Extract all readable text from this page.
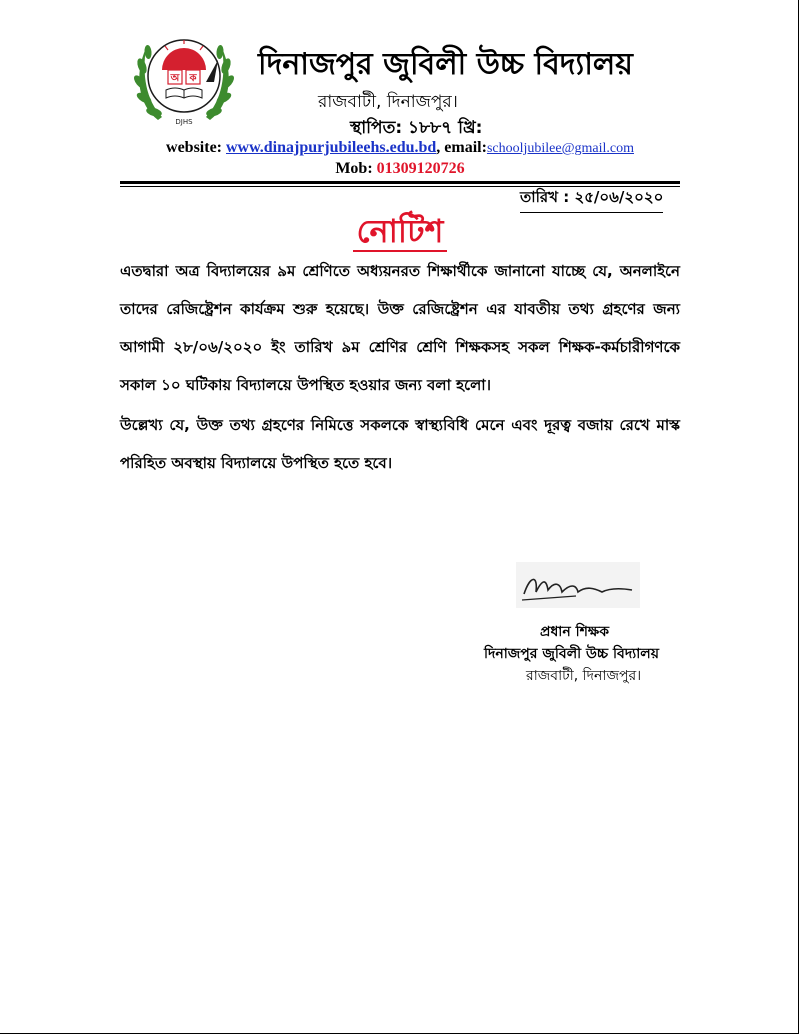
অ ক
DJHS
দিনাজপুর জুবিলী উচ্চ বিদ্যালয়
রাজবাটী, দিনাজপুর।
স্থাপিত: ১৮৮৭ খ্রি:
website: www.dinajpurjubileehs.edu.bd, email:schooljubilee@gmail.com
Mob: 01309120726
তারিখ : ২৫/০৬/২০২০
নোটিশ

এতদ্বারা অত্র বিদ্যালয়ের ৯ম শ্রেণিতে অধ্যয়নরত শিক্ষার্থীকে জানানো যাচ্ছে যে, অনলাইনে তাদের রেজিষ্ট্রেশন কার্যক্রম শুরু হয়েছে। উক্ত রেজিষ্ট্রেশন এর যাবতীয় তথ্য গ্রহণের জন্য আগামী ২৮/০৬/২০২০ ইং তারিখ ৯ম শ্রেণির শ্রেণি শিক্ষকসহ সকল শিক্ষক-কর্মচারীগণকে সকাল ১০ ঘটিকায় বিদ্যালয়ে উপস্থিত হওয়ার জন্য বলা হলো।

উল্লেখ্য যে, উক্ত তথ্য গ্রহণের নিমিত্তে সকলকে স্বাস্থ্যবিধি মেনে এবং দূরত্ব বজায় রেখে মাস্ক পরিহিত অবস্থায় বিদ্যালয়ে উপস্থিত হতে হবে।

প্রধান শিক্ষক
দিনাজপুর জুবিলী উচ্চ বিদ্যালয়
রাজবাটী, দিনাজপুর।
